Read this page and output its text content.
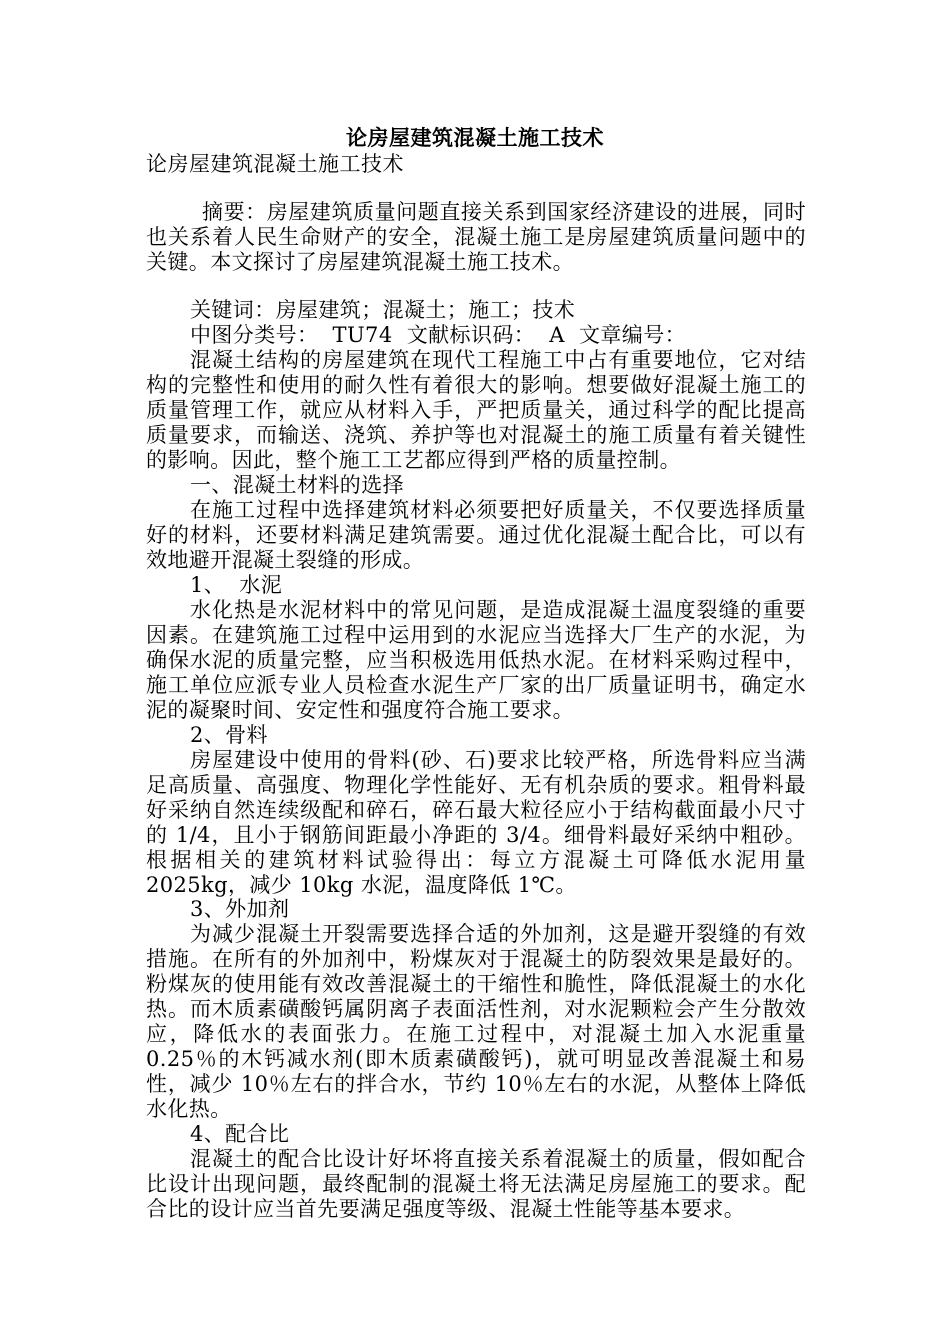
论房屋建筑混凝土施工技术
论房屋建筑混凝土施工技术
摘要：房屋建筑质量问题直接关系到国家经济建设的进展，同时也关系着人民生命财产的安全，混凝土施工是房屋建筑质量问题中的关键。本文探讨了房屋建筑混凝土施工技术。
关键词：房屋建筑；混凝土；施工；技术
中图分类号：  TU74  文献标识码：  A  文章编号：
混凝土结构的房屋建筑在现代工程施工中占有重要地位，它对结构的完整性和使用的耐久性有着很大的影响。想要做好混凝土施工的质量管理工作，就应从材料入手，严把质量关，通过科学的配比提高质量要求，而输送、浇筑、养护等也对混凝土的施工质量有着关键性的影响。因此，整个施工工艺都应得到严格的质量控制。
一、混凝土材料的选择
在施工过程中选择建筑材料必须要把好质量关，不仅要选择质量好的材料，还要材料满足建筑需要。通过优化混凝土配合比，可以有效地避开混凝土裂缝的形成。
1、  水泥
水化热是水泥材料中的常见问题，是造成混凝土温度裂缝的重要因素。在建筑施工过程中运用到的水泥应当选择大厂生产的水泥，为确保水泥的质量完整，应当积极选用低热水泥。在材料采购过程中，施工单位应派专业人员检查水泥生产厂家的出厂质量证明书，确定水泥的凝聚时间、安定性和强度符合施工要求。
2、骨料
房屋建设中使用的骨料(砂、石)要求比较严格，所选骨料应当满足高质量、高强度、物理化学性能好、无有机杂质的要求。粗骨料最好采纳自然连续级配和碎石，碎石最大粒径应小于结构截面最小尺寸的 1/4，且小于钢筋间距最小净距的 3/4。细骨料最好采纳中粗砂。根据相关的建筑材料试验得出：每立方混凝土可降低水泥用量 2025kg，减少 10kg 水泥，温度降低 1℃。
3、外加剂
为减少混凝土开裂需要选择合适的外加剂，这是避开裂缝的有效措施。在所有的外加剂中，粉煤灰对于混凝土的防裂效果是最好的。粉煤灰的使用能有效改善混凝土的干缩性和脆性，降低混凝土的水化热。而木质素磺酸钙属阴离子表面活性剂，对水泥颗粒会产生分散效应，降低水的表面张力。在施工过程中，对混凝土加入水泥重量 0.25％的木钙减水剂(即木质素磺酸钙)，就可明显改善混凝土和易性，减少 10％左右的拌合水，节约 10％左右的水泥，从整体上降低水化热。
4、配合比
混凝土的配合比设计好坏将直接关系着混凝土的质量，假如配合比设计出现问题，最终配制的混凝土将无法满足房屋施工的要求。配合比的设计应当首先要满足强度等级、混凝土性能等基本要求。
